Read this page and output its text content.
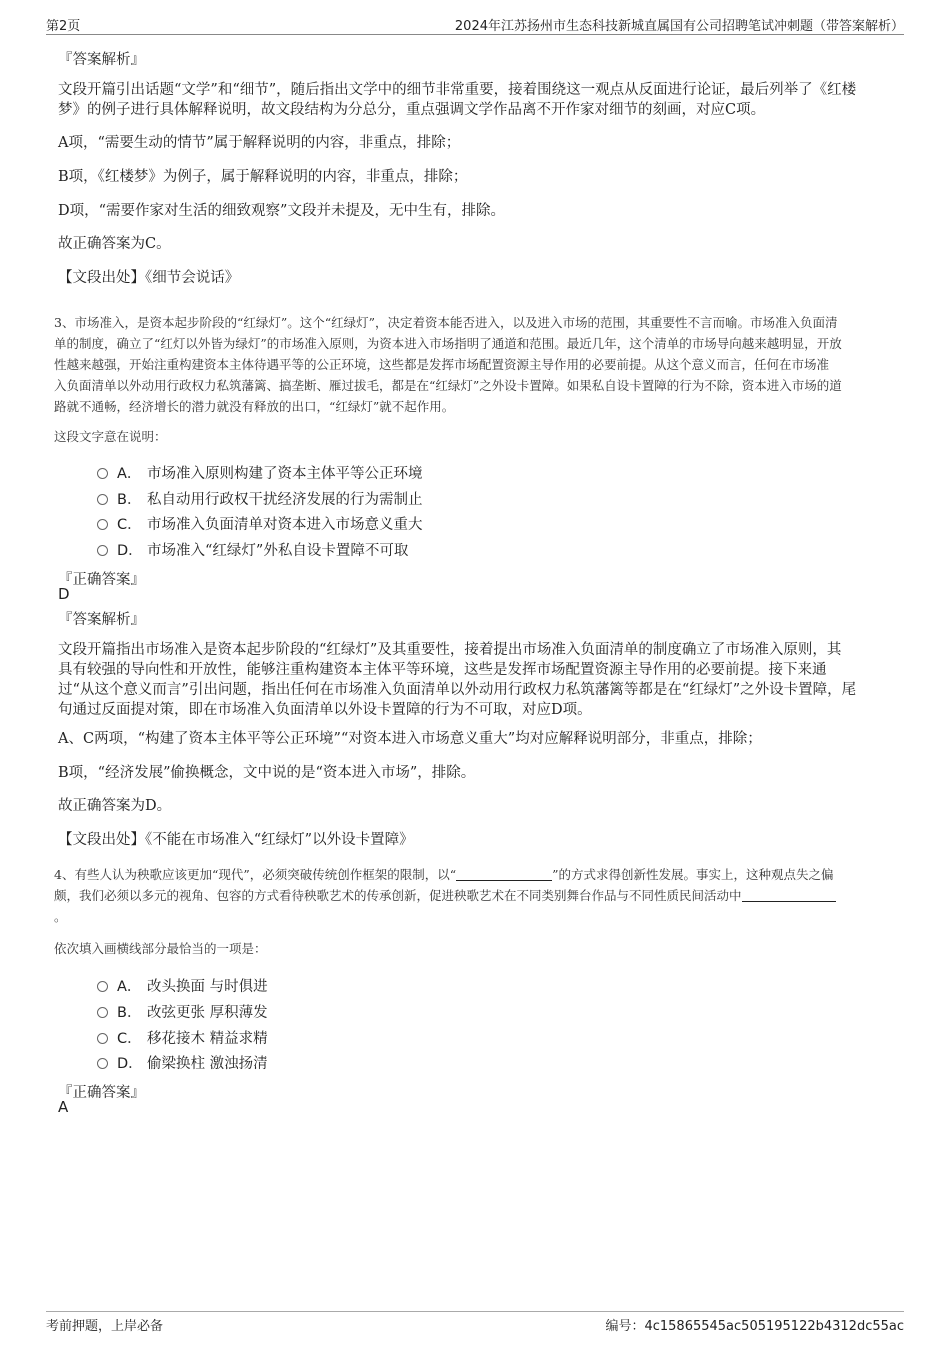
第2页	2024年江苏扬州市生态科技新城直属国有公司招聘笔试冲刺题（带答案解析）
『答案解析』
文段开篇引出话题“文学”和“细节”，随后指出文学中的细节非常重要，接着围绕这一观点从反面进行论证，最后列举了《红楼
梦》的例子进行具体解释说明，故文段结构为分总分，重点强调文学作品离不开作家对细节的刻画，对应C项。
A项，“需要生动的情节”属于解释说明的内容，非重点，排除；
B项，《红楼梦》为例子，属于解释说明的内容，非重点，排除；
D项，“需要作家对生活的细致观察”文段并未提及，无中生有，排除。
故正确答案为C。
【文段出处】《细节会说话》
3、市场准入，是资本起步阶段的“红绿灯”。这个“红绿灯”，决定着资本能否进入，以及进入市场的范围，其重要性不言而喻。市场准入负面清
单的制度，确立了“红灯以外皆为绿灯”的市场准入原则，为资本进入市场指明了通道和范围。最近几年，这个清单的市场导向越来越明显，开放
性越来越强，开始注重构建资本主体待遇平等的公正环境，这些都是发挥市场配置资源主导作用的必要前提。从这个意义而言，任何在市场准
入负面清单以外动用行政权力私筑藩篱、搞垄断、雁过拔毛，都是在“红绿灯”之外设卡置障。如果私自设卡置障的行为不除，资本进入市场的道
路就不通畅，经济增长的潜力就没有释放的出口，“红绿灯”就不起作用。
这段文字意在说明：
A． 市场准入原则构建了资本主体平等公正环境
B． 私自动用行政权干扰经济发展的行为需制止
C． 市场准入负面清单对资本进入市场意义重大
D． 市场准入“红绿灯”外私自设卡置障不可取
『正确答案』
D
『答案解析』
文段开篇指出市场准入是资本起步阶段的“红绿灯”及其重要性，接着提出市场准入负面清单的制度确立了市场准入原则，其
具有较强的导向性和开放性，能够注重构建资本主体平等环境，这些是发挥市场配置资源主导作用的必要前提。接下来通
过“从这个意义而言”引出问题，指出任何在市场准入负面清单以外动用行政权力私筑藩篱等都是在“红绿灯”之外设卡置障，尾
句通过反面提对策，即在市场准入负面清单以外设卡置障的行为不可取，对应D项。
A、C两项，“构建了资本主体平等公正环境”“对资本进入市场意义重大”均对应解释说明部分，非重点，排除；
B项，“经济发展”偷换概念，文中说的是“资本进入市场”，排除。
故正确答案为D。
【文段出处】《不能在市场准入“红绿灯”以外设卡置障》
4、有些人认为秧歌应该更加“现代”，必须突破传统创作框架的限制，以“	”的方式求得创新性发展。事实上，这种观点失之偏
颇，我们必须以多元的视角、包容的方式看待秧歌艺术的传承创新，促进秧歌艺术在不同类别舞台作品与不同性质民间活动中
。
依次填入画横线部分最恰当的一项是：
A． 改头换面 与时俱进
B． 改弦更张 厚积薄发
C． 移花接木 精益求精
D． 偷梁换柱 激浊扬清
『正确答案』
A
考前押题，上岸必备	编号：4c15865545ac505195122b4312dc55ac
